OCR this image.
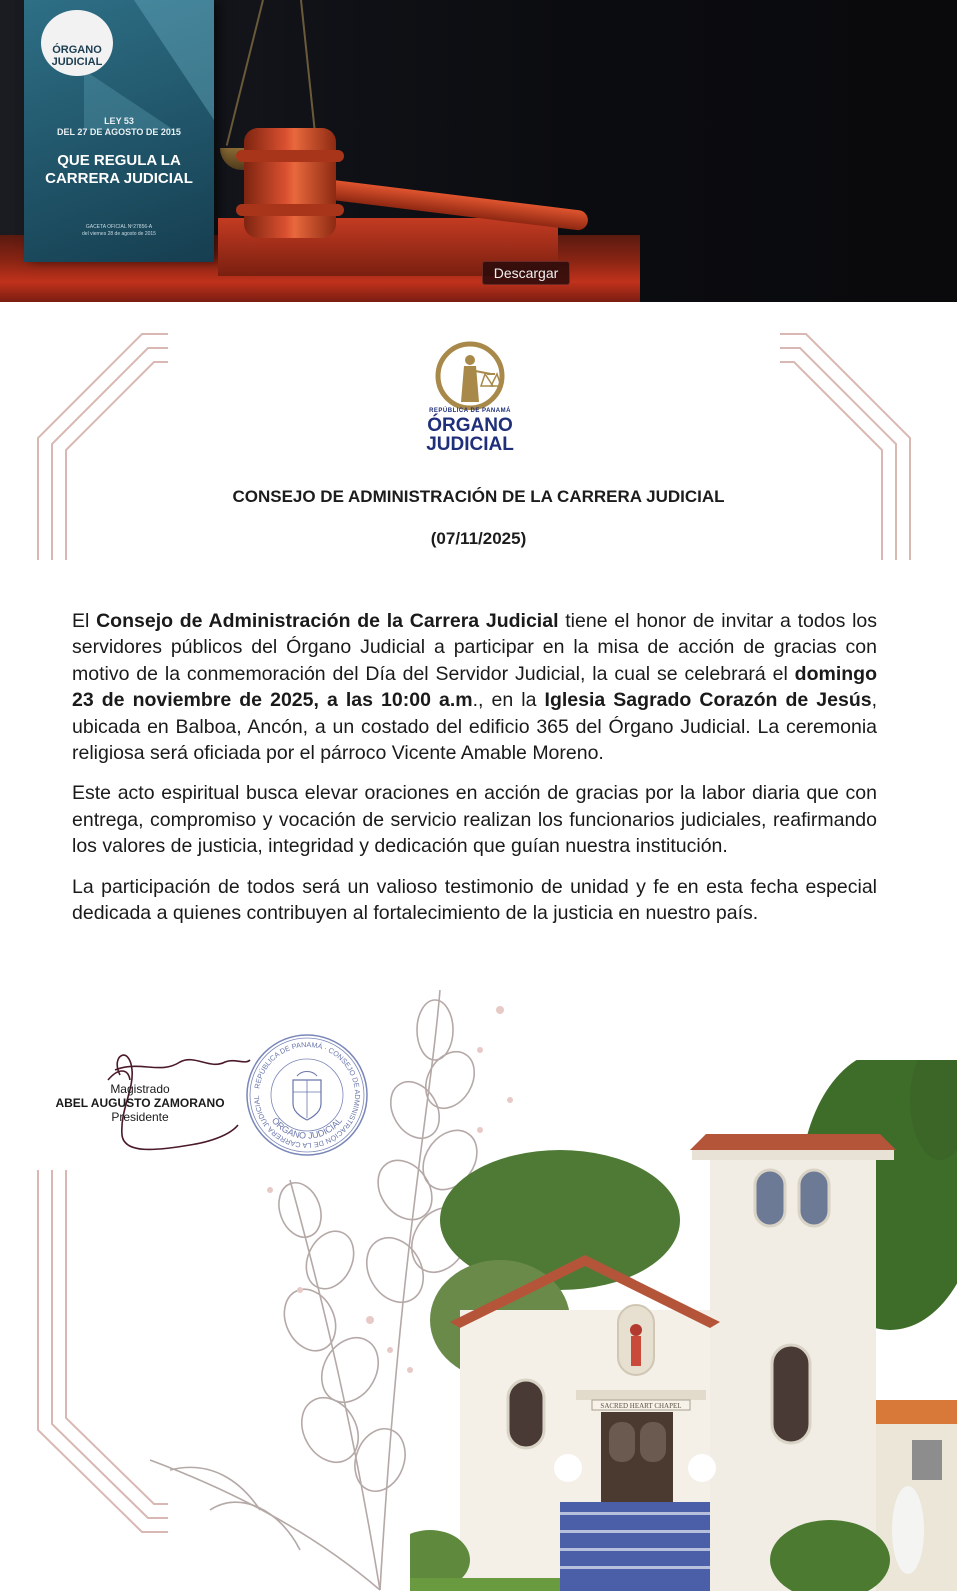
ÓRGANO
JUDICIAL
LEY 53
DEL 27 DE AGOSTO DE 2015
QUE REGULA LA
CARRERA JUDICIAL
GACETA OFICIAL Nº27856-A
del viernes 28 de agosto de 2015
Descargar
REPÚBLICA DE PANAMÁ
ÓRGANO
JUDICIAL
CONSEJO DE ADMINISTRACIÓN DE LA CARRERA JUDICIAL
(07/11/2025)

El Consejo de Administración de la Carrera Judicial tiene el honor de invitar a todos los servidores públicos del Órgano Judicial a participar en la misa de acción de gracias con motivo de la conmemoración del Día del Servidor Judicial, la cual se celebrará el domingo 23 de noviembre de 2025, a las 10:00 a.m., en la Iglesia Sagrado Corazón de Jesús, ubicada en Balboa, Ancón, a un costado del edificio 365 del Órgano Judicial. La ceremonia religiosa será oficiada por el párroco Vicente Amable Moreno.

Este acto espiritual busca elevar oraciones en acción de gracias por la labor diaria que con entrega, compromiso y vocación de servicio realizan los funcionarios judiciales, reafirmando los valores de justicia, integridad y dedicación que guían nuestra institución.

La participación de todos será un valioso testimonio de unidad y fe en esta fecha especial dedicada a quienes contribuyen al fortalecimiento de la justicia en nuestro país.

SACRED HEART CHAPEL
Magistrado
ABEL AUGUSTO ZAMORANO
Presidente
REPÚBLICA DE PANAMÁ · CONSEJO DE ADMINISTRACIÓN DE LA CARRERA JUDICIAL
ÓRGANO JUDICIAL
